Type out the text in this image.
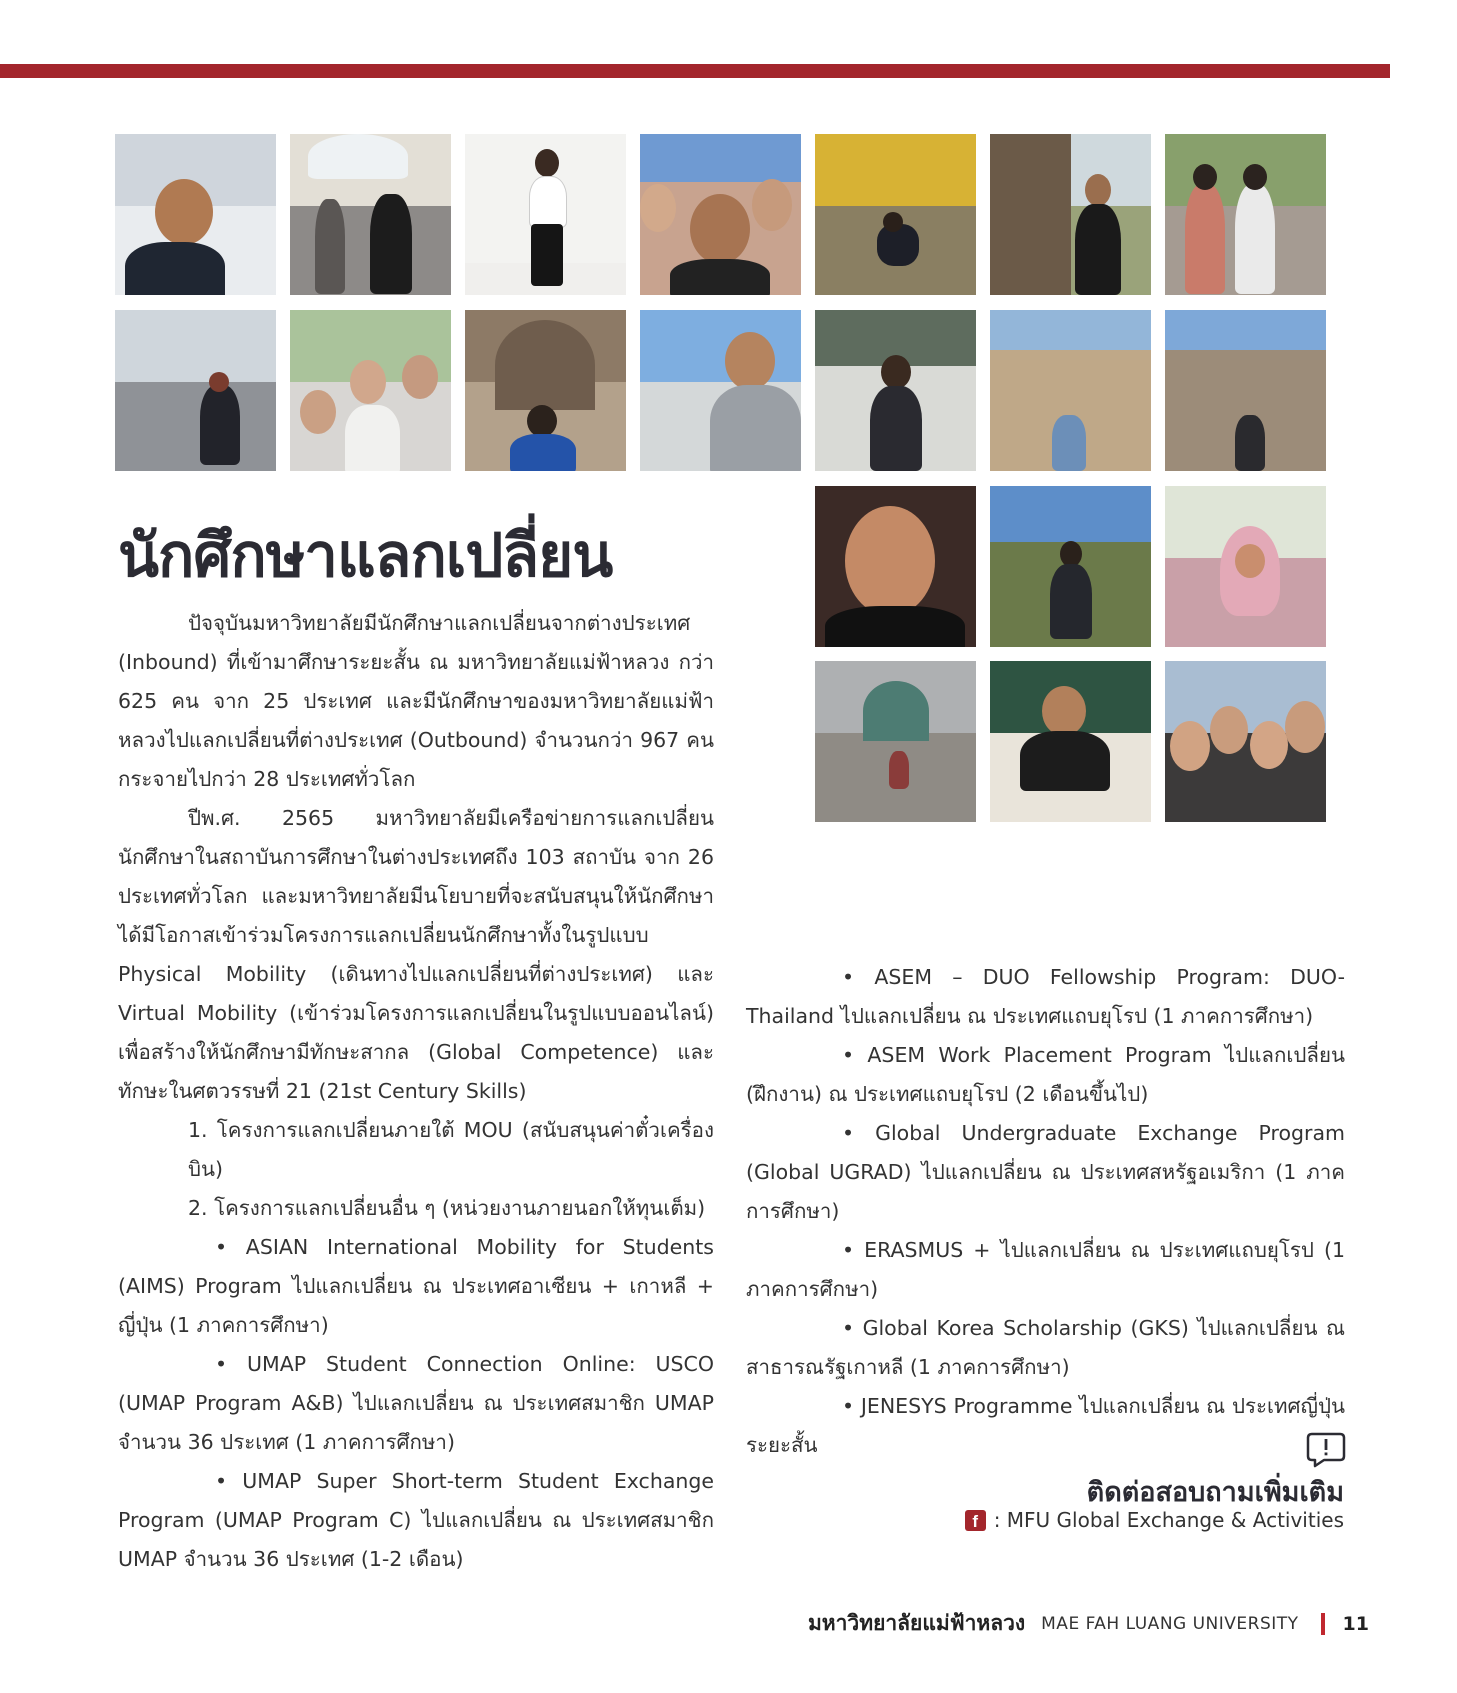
นักศึกษาแลกเปลี่ยน

ปัจจุบันมหาวิทยาลัยมีนักศึกษาแลกเปลี่ยนจากต่างประเทศ (Inbound) ที่เข้ามาศึกษาระยะสั้น ณ มหาวิทยาลัยแม่ฟ้าหลวง กว่า 625 คน จาก 25 ประเทศ และมีนักศึกษาของมหาวิทยาลัยแม่ฟ้าหลวงไปแลกเปลี่ยนที่ต่างประเทศ (Outbound) จำนวนกว่า 967 คน กระจายไปกว่า 28 ประเทศทั่วโลก

ปีพ.ศ. 2565 มหาวิทยาลัยมีเครือข่ายการแลกเปลี่ยนนักศึกษาในสถาบันการศึกษาในต่างประเทศถึง 103 สถาบัน จาก 26 ประเทศทั่วโลก และมหาวิทยาลัยมีนโยบายที่จะสนับสนุนให้นักศึกษาได้มีโอกาสเข้าร่วมโครงการแลกเปลี่ยนนักศึกษาทั้งในรูปแบบ Physical Mobility (เดินทางไปแลกเปลี่ยนที่ต่างประเทศ) และ Virtual Mobility (เข้าร่วมโครงการแลกเปลี่ยนในรูปแบบออนไลน์) เพื่อสร้างให้นักศึกษามีทักษะสากล (Global Competence) และทักษะในศตวรรษที่ 21 (21st Century Skills)

1. โครงการแลกเปลี่ยนภายใต้ MOU (สนับสนุนค่าตั๋วเครื่องบิน)

2. โครงการแลกเปลี่ยนอื่น ๆ (หน่วยงานภายนอกให้ทุนเต็ม)

• ASIAN International Mobility for Students (AIMS) Program ไปแลกเปลี่ยน ณ ประเทศอาเซียน + เกาหลี + ญี่ปุ่น (1 ภาคการศึกษา)

• UMAP Student Connection Online: USCO (UMAP Program A&B) ไปแลกเปลี่ยน ณ ประเทศสมาชิก UMAP จำนวน 36 ประเทศ (1 ภาคการศึกษา)

• UMAP Super Short-term Student Exchange Program (UMAP Program C) ไปแลกเปลี่ยน ณ ประเทศสมาชิก UMAP จำนวน 36 ประเทศ (1-2 เดือน)

• ASEM – DUO Fellowship Program: DUO-Thailand ไปแลกเปลี่ยน ณ ประเทศแถบยุโรป (1 ภาคการศึกษา)

• ASEM Work Placement Program ไปแลกเปลี่ยน (ฝึกงาน) ณ ประเทศแถบยุโรป (2 เดือนขึ้นไป)

• Global Undergraduate Exchange Program (Global UGRAD) ไปแลกเปลี่ยน ณ ประเทศสหรัฐอเมริกา (1 ภาคการศึกษา)

• ERASMUS + ไปแลกเปลี่ยน ณ ประเทศแถบยุโรป (1 ภาคการศึกษา)

• Global Korea Scholarship (GKS) ไปแลกเปลี่ยน ณ สาธารณรัฐเกาหลี (1 ภาคการศึกษา)

• JENESYS Programme ไปแลกเปลี่ยน ณ ประเทศญี่ปุ่น ระยะสั้น

ติดต่อสอบถามเพิ่มเติม
f : MFU Global Exchange & Activities
มหาวิทยาลัยแม่ฟ้าหลวง MAE FAH LUANG UNIVERSITY 11
